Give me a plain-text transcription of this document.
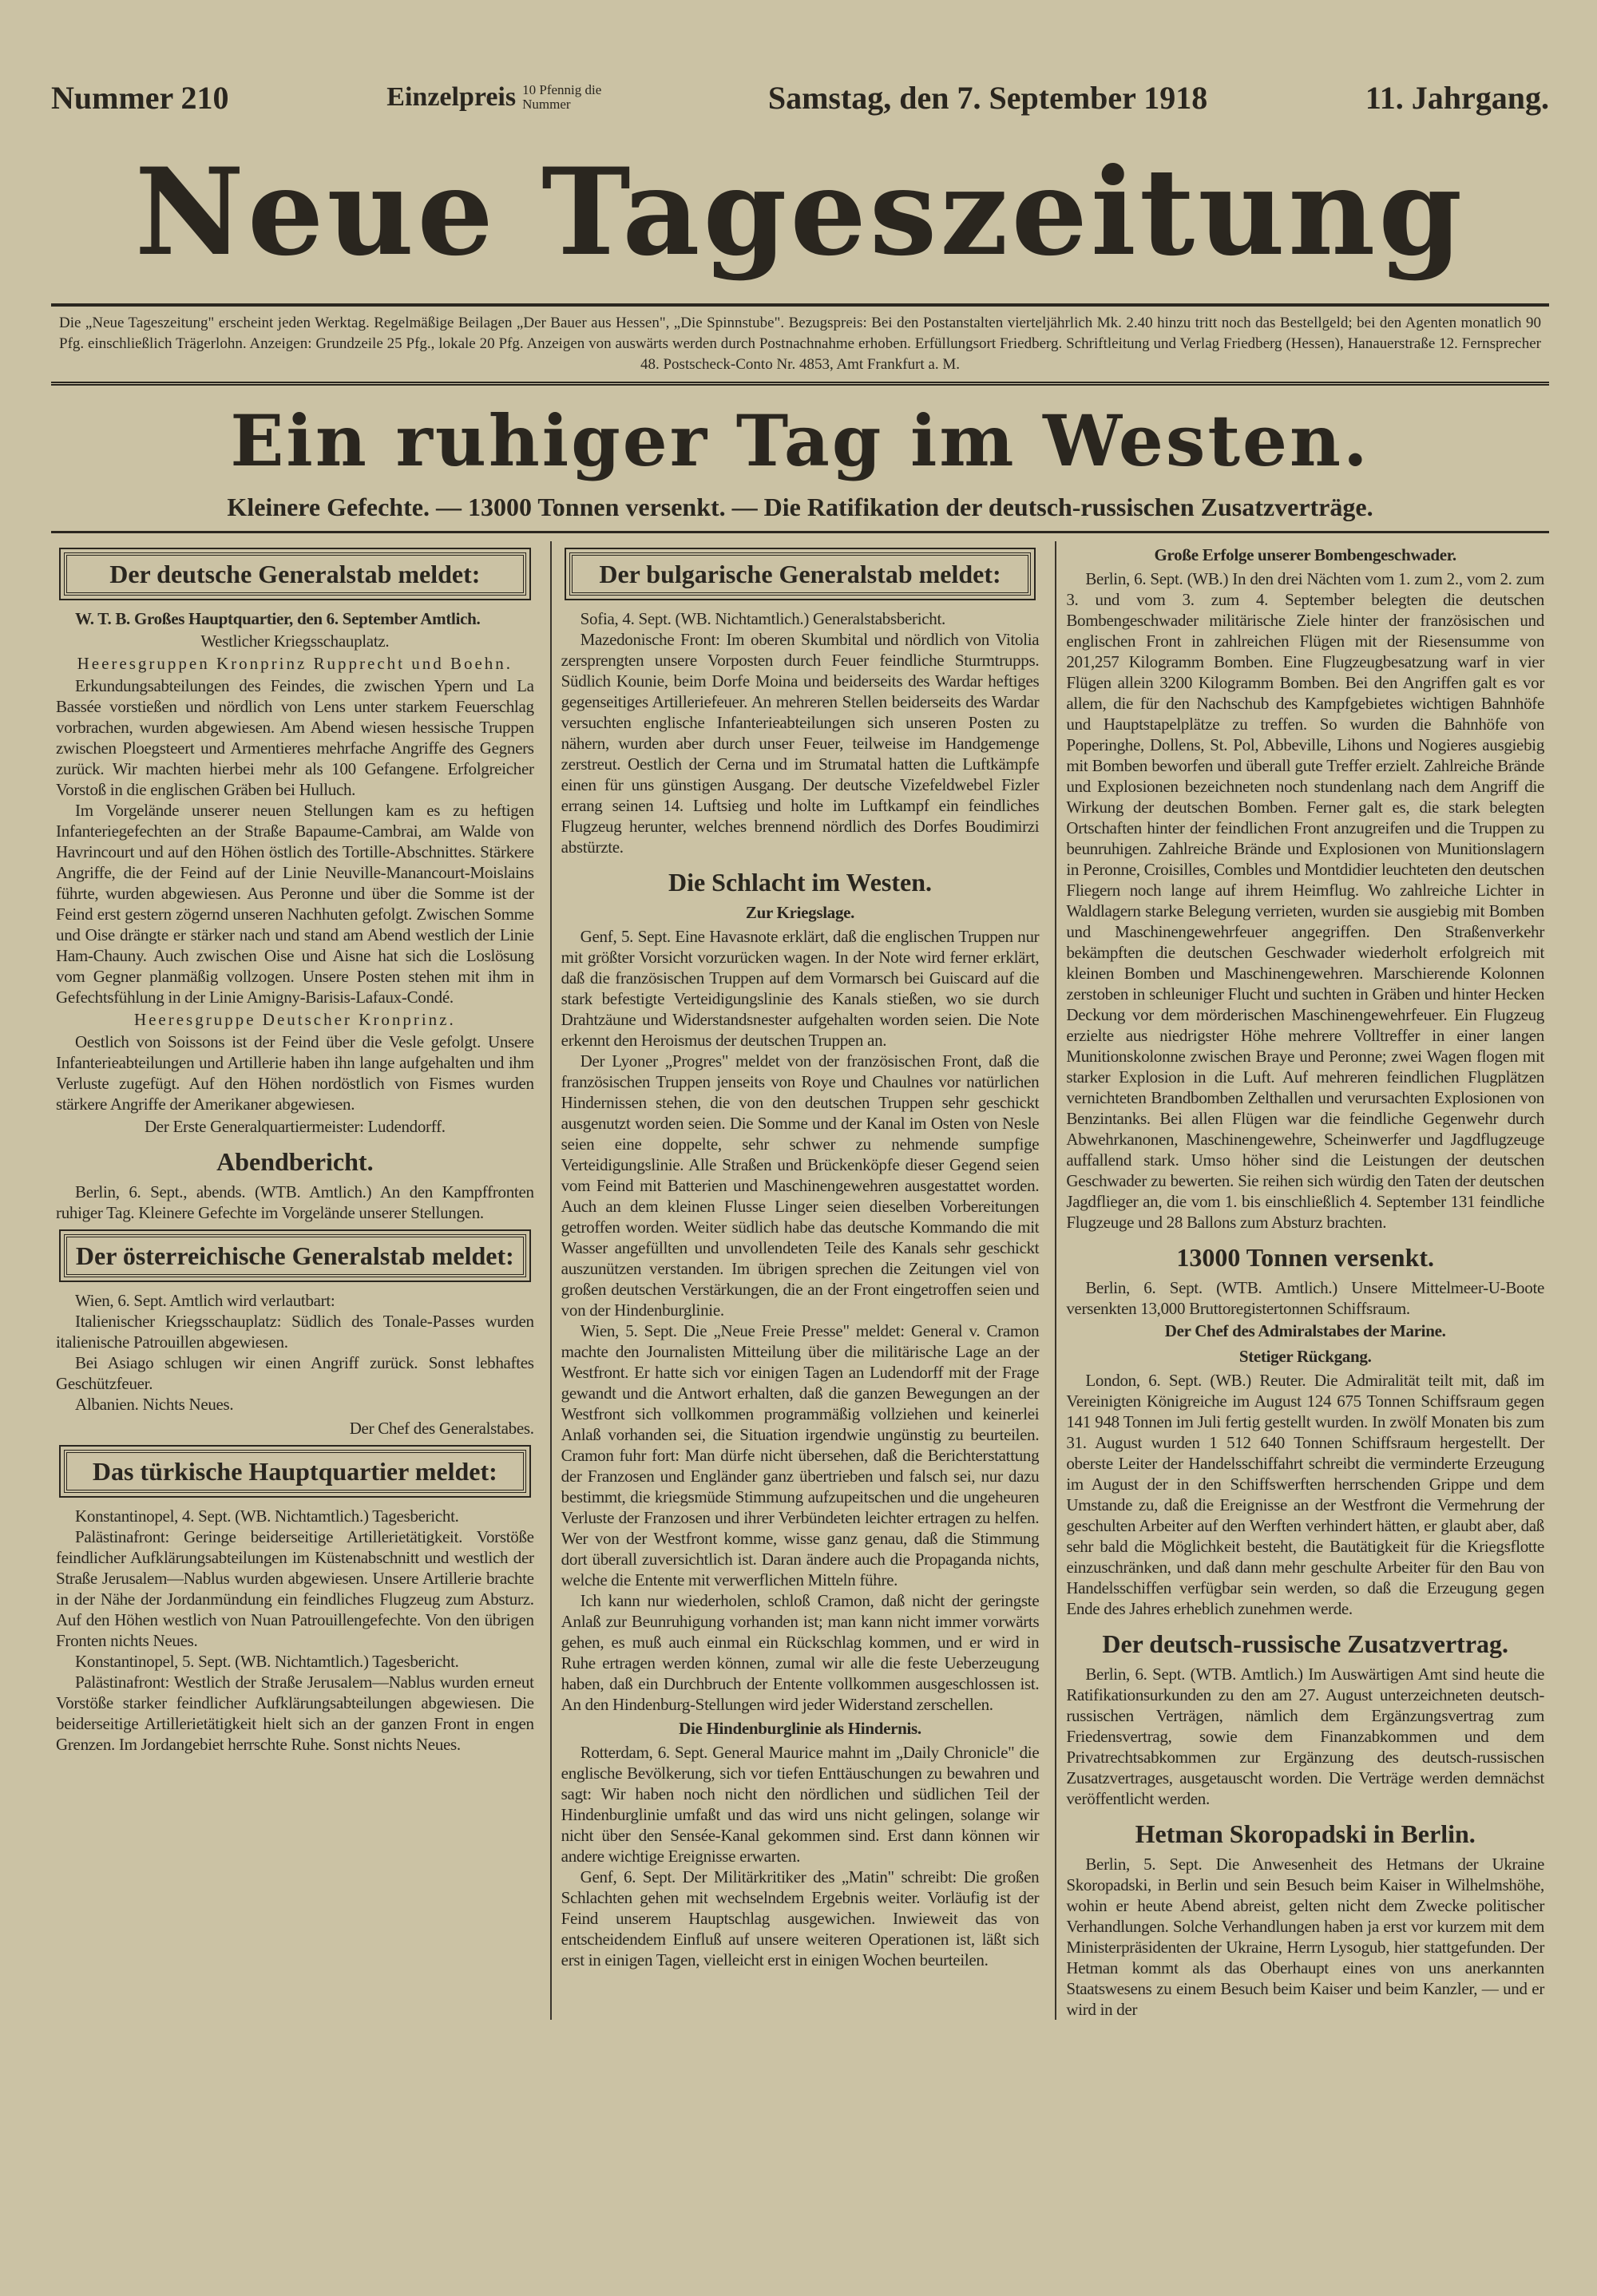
Nummer 210	Einzelpreis 10 Pfennig die Nummer	Samstag, den 7. September 1918	11. Jahrgang.
Neue Tageszeitung
Die „Neue Tageszeitung" erscheint jeden Werktag. Regelmäßige Beilagen „Der Bauer aus Hessen", „Die Spinnstube". Bezugspreis: Bei den Postanstalten vierteljährlich Mk. 2.40 hinzu tritt noch das Bestellgeld; bei den Agenten monatlich 90 Pfg. einschließlich Trägerlohn. Anzeigen: Grundzeile 25 Pfg., lokale 20 Pfg. Anzeigen von auswärts werden durch Postnachnahme erhoben. Erfüllungsort Friedberg. Schriftleitung und Verlag Friedberg (Hessen), Hanauerstraße 12. Fernsprecher 48. Postscheck-Conto Nr. 4853, Amt Frankfurt a. M.
Ein ruhiger Tag im Westen.
Kleinere Gefechte. — 13000 Tonnen versenkt. — Die Ratifikation der deutsch-russischen Zusatzverträge.
Der deutsche Generalstab meldet:
W. T. B. Großes Hauptquartier, den 6. September Amtlich.
Westlicher Kriegsschauplatz.
Heeresgruppen Kronprinz Rupprecht und Boehn.
Erkundungsabteilungen des Feindes, die zwischen Ypern und La Bassée vorstießen und nördlich von Lens unter starkem Feuerschlag vorbrachen, wurden abgewiesen. Am Abend wiesen hessische Truppen zwischen Ploegsteert und Armentieres mehrfache Angriffe des Gegners zurück. Wir machten hierbei mehr als 100 Gefangene. Erfolgreicher Vorstoß in die englischen Gräben bei Hulluch.
Im Vorgelände unserer neuen Stellungen kam es zu heftigen Infanteriegefechten an der Straße Bapaume-Cambrai, am Walde von Havrincourt und auf den Höhen östlich des Tortille-Abschnittes. Stärkere Angriffe, die der Feind auf der Linie Neuville-Manancourt-Moislains führte, wurden abgewiesen. Aus Peronne und über die Somme ist der Feind erst gestern zögernd unseren Nachhuten gefolgt. Zwischen Somme und Oise drängte er stärker nach und stand am Abend westlich der Linie Ham-Chauny. Auch zwischen Oise und Aisne hat sich die Loslösung vom Gegner planmäßig vollzogen. Unsere Posten stehen mit ihm in Gefechtsfühlung in der Linie Amigny-Barisis-Lafaux-Condé.
Heeresgruppe Deutscher Kronprinz.
Oestlich von Soissons ist der Feind über die Vesle gefolgt. Unsere Infanterieabteilungen und Artillerie haben ihn lange aufgehalten und ihm Verluste zugefügt. Auf den Höhen nordöstlich von Fismes wurden stärkere Angriffe der Amerikaner abgewiesen.
Der Erste Generalquartiermeister: Ludendorff.
Abendbericht.
Berlin, 6. Sept., abends. (WTB. Amtlich.) An den Kampffronten ruhiger Tag. Kleinere Gefechte im Vorgelände unserer Stellungen.
Der österreichische Generalstab meldet:
Wien, 6. Sept. Amtlich wird verlautbart:
Italienischer Kriegsschauplatz: Südlich des Tonale-Passes wurden italienische Patrouillen abgewiesen.
Bei Asiago schlugen wir einen Angriff zurück. Sonst lebhaftes Geschützfeuer.
Albanien. Nichts Neues.
Der Chef des Generalstabes.
Das türkische Hauptquartier meldet:
Konstantinopel, 4. Sept. (WB. Nichtamtlich.) Tagesbericht.
Palästinafront: Geringe beiderseitige Artillerietätigkeit. Vorstöße feindlicher Aufklärungsabteilungen im Küstenabschnitt und westlich der Straße Jerusalem—Nablus wurden abgewiesen. Unsere Artillerie brachte in der Nähe der Jordanmündung ein feindliches Flugzeug zum Absturz. Auf den Höhen westlich von Nuan Patrouillengefechte. Von den übrigen Fronten nichts Neues.
Konstantinopel, 5. Sept. (WB. Nichtamtlich.) Tagesbericht.
Palästinafront: Westlich der Straße Jerusalem—Nablus wurden erneut Vorstöße starker feindlicher Aufklärungsabteilungen abgewiesen. Die beiderseitige Artillerietätigkeit hielt sich an der ganzen Front in engen Grenzen. Im Jordangebiet herrschte Ruhe. Sonst nichts Neues.
Der bulgarische Generalstab meldet:
Sofia, 4. Sept. (WB. Nichtamtlich.) Generalstabsbericht.
Mazedonische Front: Im oberen Skumbital und nördlich von Vitolia zersprengten unsere Vorposten durch Feuer feindliche Sturmtrupps. Südlich Kounie, beim Dorfe Moina und beiderseits des Wardar heftiges gegenseitiges Artilleriefeuer. An mehreren Stellen beiderseits des Wardar versuchten englische Infanterieabteilungen sich unseren Posten zu nähern, wurden aber durch unser Feuer, teilweise im Handgemenge zerstreut. Oestlich der Cerna und im Strumatal hatten die Luftkämpfe einen für uns günstigen Ausgang. Der deutsche Vizefeldwebel Fizler errang seinen 14. Luftsieg und holte im Luftkampf ein feindliches Flugzeug herunter, welches brennend nördlich des Dorfes Boudimirzi abstürzte.
Die Schlacht im Westen.
Zur Kriegslage.
Genf, 5. Sept. Eine Havasnote erklärt, daß die englischen Truppen nur mit größter Vorsicht vorzurücken wagen. In der Note wird ferner erklärt, daß die französischen Truppen auf dem Vormarsch bei Guiscard auf die stark befestigte Verteidigungslinie des Kanals stießen, wo sie durch Drahtzäune und Widerstandsnester aufgehalten worden seien. Die Note erkennt den Heroismus der deutschen Truppen an.
Der Lyoner „Progres" meldet von der französischen Front, daß die französischen Truppen jenseits von Roye und Chaulnes vor natürlichen Hindernissen stehen, die von den deutschen Truppen sehr geschickt ausgenutzt worden seien. Die Somme und der Kanal im Osten von Nesle seien eine doppelte, sehr schwer zu nehmende sumpfige Verteidigungslinie. Alle Straßen und Brückenköpfe dieser Gegend seien vom Feind mit Batterien und Maschinengewehren ausgestattet worden. Auch an dem kleinen Flusse Linger seien dieselben Vorbereitungen getroffen worden. Weiter südlich habe das deutsche Kommando die mit Wasser angefüllten und unvollendeten Teile des Kanals sehr geschickt auszunützen verstanden. Im übrigen sprechen die Zeitungen viel von großen deutschen Verstärkungen, die an der Front eingetroffen seien und von der Hindenburglinie.
Wien, 5. Sept. Die „Neue Freie Presse" meldet: General v. Cramon machte den Journalisten Mitteilung über die militärische Lage an der Westfront. Er hatte sich vor einigen Tagen an Ludendorff mit der Frage gewandt und die Antwort erhalten, daß die ganzen Bewegungen an der Westfront sich vollkommen programmäßig vollziehen und keinerlei Anlaß vorhanden sei, die Situation irgendwie ungünstig zu beurteilen. Cramon fuhr fort: Man dürfe nicht übersehen, daß die Berichterstattung der Franzosen und Engländer ganz übertrieben und falsch sei, nur dazu bestimmt, die kriegsmüde Stimmung aufzupeitschen und die ungeheuren Verluste der Franzosen und ihrer Verbündeten leichter ertragen zu helfen. Wer von der Westfront komme, wisse ganz genau, daß die Stimmung dort überall zuversichtlich ist. Daran ändere auch die Propaganda nichts, welche die Entente mit verwerflichen Mitteln führe.
Ich kann nur wiederholen, schloß Cramon, daß nicht der geringste Anlaß zur Beunruhigung vorhanden ist; man kann nicht immer vorwärts gehen, es muß auch einmal ein Rückschlag kommen, und er wird in Ruhe ertragen werden können, zumal wir alle die feste Ueberzeugung haben, daß ein Durchbruch der Entente vollkommen ausgeschlossen ist. An den Hindenburg-Stellungen wird jeder Widerstand zerschellen.
Die Hindenburglinie als Hindernis.
Rotterdam, 6. Sept. General Maurice mahnt im „Daily Chronicle" die englische Bevölkerung, sich vor tiefen Enttäuschungen zu bewahren und sagt: Wir haben noch nicht den nördlichen und südlichen Teil der Hindenburglinie umfaßt und das wird uns nicht gelingen, solange wir nicht über den Sensée-Kanal gekommen sind. Erst dann können wir andere wichtige Ereignisse erwarten.
Genf, 6. Sept. Der Militärkritiker des „Matin" schreibt: Die großen Schlachten gehen mit wechselndem Ergebnis weiter. Vorläufig ist der Feind unserem Hauptschlag ausgewichen. Inwieweit das von entscheidendem Einfluß auf unsere weiteren Operationen ist, läßt sich erst in einigen Tagen, vielleicht erst in einigen Wochen beurteilen.
Große Erfolge unserer Bombengeschwader.
Berlin, 6. Sept. (WB.) In den drei Nächten vom 1. zum 2., vom 2. zum 3. und vom 3. zum 4. September belegten die deutschen Bombengeschwader militärische Ziele hinter der französischen und englischen Front in zahlreichen Flügen mit der Riesensumme von 201,257 Kilogramm Bomben. Eine Flugzeugbesatzung warf in vier Flügen allein 3200 Kilogramm Bomben. Bei den Angriffen galt es vor allem, die für den Nachschub des Kampfgebietes wichtigen Bahnhöfe und Hauptstapelplätze zu treffen. So wurden die Bahnhöfe von Poperinghe, Dollens, St. Pol, Abbeville, Lihons und Nogieres ausgiebig mit Bomben beworfen und überall gute Treffer erzielt. Zahlreiche Brände und Explosionen bezeichneten noch stundenlang nach dem Angriff die Wirkung der deutschen Bomben. Ferner galt es, die stark belegten Ortschaften hinter der feindlichen Front anzugreifen und die Truppen zu beunruhigen. Zahlreiche Brände und Explosionen von Munitionslagern in Peronne, Croisilles, Combles und Montdidier leuchteten den deutschen Fliegern noch lange auf ihrem Heimflug. Wo zahlreiche Lichter in Waldlagern starke Belegung verrieten, wurden sie ausgiebig mit Bomben und Maschinengewehrfeuer angegriffen. Den Straßenverkehr bekämpften die deutschen Geschwader wiederholt erfolgreich mit kleinen Bomben und Maschinengewehren. Marschierende Kolonnen zerstoben in schleuniger Flucht und suchten in Gräben und hinter Hecken Deckung vor dem mörderischen Maschinengewehrfeuer. Ein Flugzeug erzielte aus niedrigster Höhe mehrere Volltreffer in einer langen Munitionskolonne zwischen Braye und Peronne; zwei Wagen flogen mit starker Explosion in die Luft. Auf mehreren feindlichen Flugplätzen vernichteten Brandbomben Zelthallen und verursachten Explosionen von Benzintanks. Bei allen Flügen war die feindliche Gegenwehr durch Abwehrkanonen, Maschinengewehre, Scheinwerfer und Jagdflugzeuge auffallend stark. Umso höher sind die Leistungen der deutschen Geschwader zu bewerten. Sie reihen sich würdig den Taten der deutschen Jagdflieger an, die vom 1. bis einschließlich 4. September 131 feindliche Flugzeuge und 28 Ballons zum Absturz brachten.
13000 Tonnen versenkt.
Berlin, 6. Sept. (WTB. Amtlich.) Unsere Mittelmeer-U-Boote versenkten 13,000 Bruttoregistertonnen Schiffsraum.
Der Chef des Admiralstabes der Marine.
Stetiger Rückgang.
London, 6. Sept. (WB.) Reuter. Die Admiralität teilt mit, daß im Vereinigten Königreiche im August 124 675 Tonnen Schiffsraum gegen 141 948 Tonnen im Juli fertig gestellt wurden. In zwölf Monaten bis zum 31. August wurden 1 512 640 Tonnen Schiffsraum hergestellt. Der oberste Leiter der Handelsschiffahrt schreibt die verminderte Erzeugung im August der in den Schiffswerften herrschenden Grippe und dem Umstande zu, daß die Ereignisse an der Westfront die Vermehrung der geschulten Arbeiter auf den Werften verhindert hätten, er glaubt aber, daß sehr bald die Möglichkeit besteht, die Bautätigkeit für die Kriegsflotte einzuschränken, und daß dann mehr geschulte Arbeiter für den Bau von Handelsschiffen verfügbar sein werden, so daß die Erzeugung gegen Ende des Jahres erheblich zunehmen werde.
Der deutsch-russische Zusatzvertrag.
Berlin, 6. Sept. (WTB. Amtlich.) Im Auswärtigen Amt sind heute die Ratifikationsurkunden zu den am 27. August unterzeichneten deutsch-russischen Verträgen, nämlich dem Ergänzungsvertrag zum Friedensvertrag, sowie dem Finanzabkommen und dem Privatrechtsabkommen zur Ergänzung des deutsch-russischen Zusatzvertrages, ausgetauscht worden. Die Verträge werden demnächst veröffentlicht werden.
Hetman Skoropadski in Berlin.
Berlin, 5. Sept. Die Anwesenheit des Hetmans der Ukraine Skoropadski, in Berlin und sein Besuch beim Kaiser in Wilhelmshöhe, wohin er heute Abend abreist, gelten nicht dem Zwecke politischer Verhandlungen. Solche Verhandlungen haben ja erst vor kurzem mit dem Ministerpräsidenten der Ukraine, Herrn Lysogub, hier stattgefunden. Der Hetman kommt als das Oberhaupt eines von uns anerkannten Staatswesens zu einem Besuch beim Kaiser und beim Kanzler, — und er wird in der
